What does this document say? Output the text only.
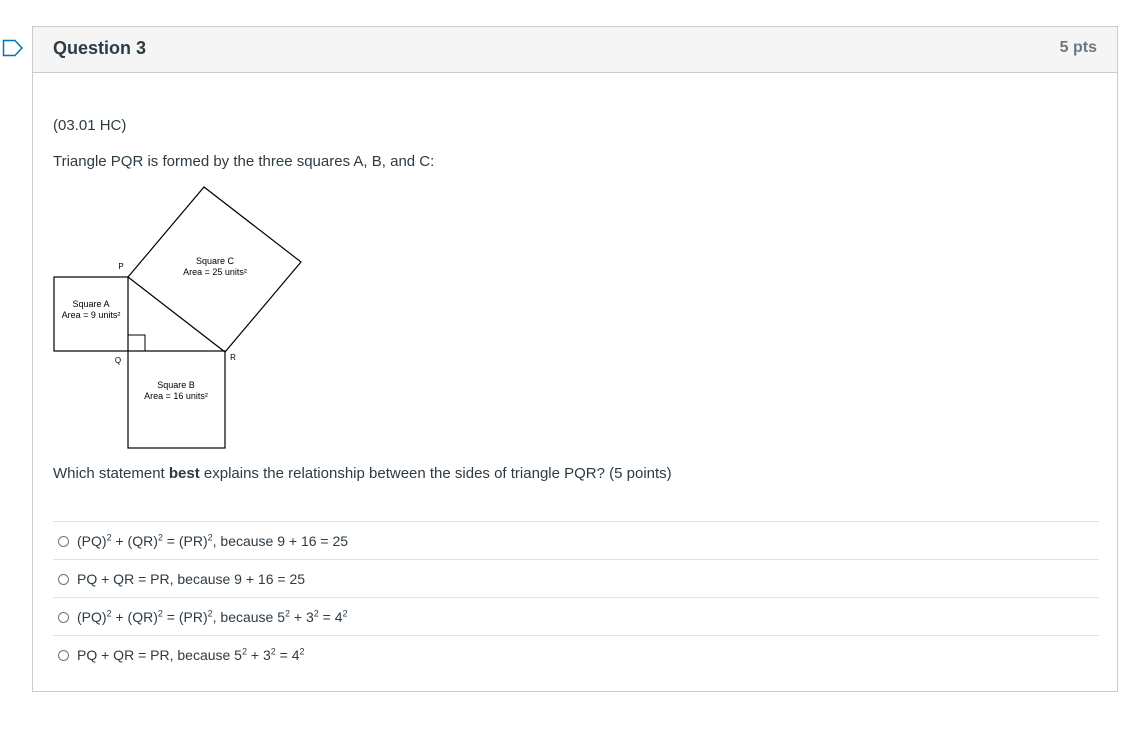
Question 3	5 pts
(03.01 HC)
Triangle PQR is formed by the three squares A, B, and C:
Square A
Area = 9 units²
Square B
Area = 16 units²
Square C
Area = 25 units²
P
Q	R
Which statement best explains the relationship between the sides of triangle PQR? (5 points)
(PQ)$^2$ + (QR)$^2$ = (PR)$^2$, because 9 + 16 = 25
PQ + QR = PR, because 9 + 16 = 25
(PQ)$^2$ + (QR)$^2$ = (PR)$^2$, because $5^2 + 3^2 = 4^2$
PQ + QR = PR, because $5^2 + 3^2 = 4^2$
